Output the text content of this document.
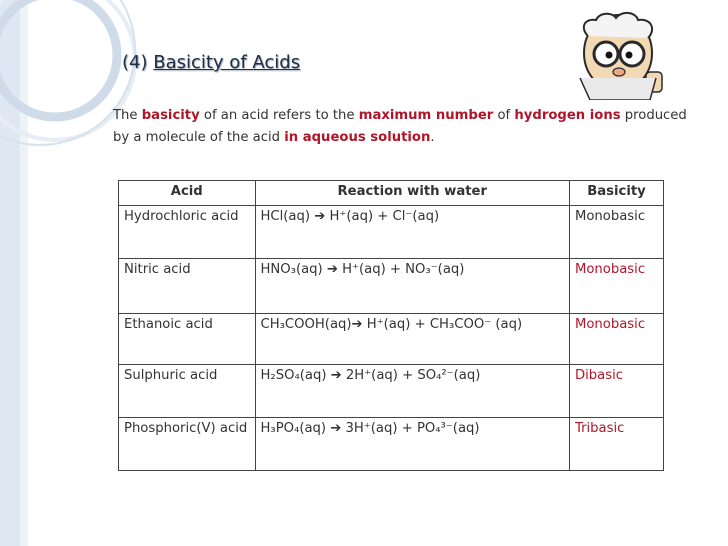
(4) Basicity of Acids
The basicity of an acid refers to the maximum number of hydrogen ions produced by a molecule of the acid in aqueous solution.
Acid	Reaction with water	Basicity
Hydrochloric acid	HCl(aq) ➔ H⁺(aq) + Cl⁻(aq)	Monobasic
Nitric acid	HNO₃(aq) ➔ H⁺(aq) + NO₃⁻(aq)	Monobasic
Ethanoic acid	CH₃COOH(aq)➔ H⁺(aq) + CH₃COO⁻ (aq)	Monobasic
Sulphuric acid	H₂SO₄(aq) ➔ 2H⁺(aq) + SO₄²⁻(aq)	Dibasic
Phosphoric(V) acid	H₃PO₄(aq) ➔ 3H⁺(aq) + PO₄³⁻(aq)	Tribasic
